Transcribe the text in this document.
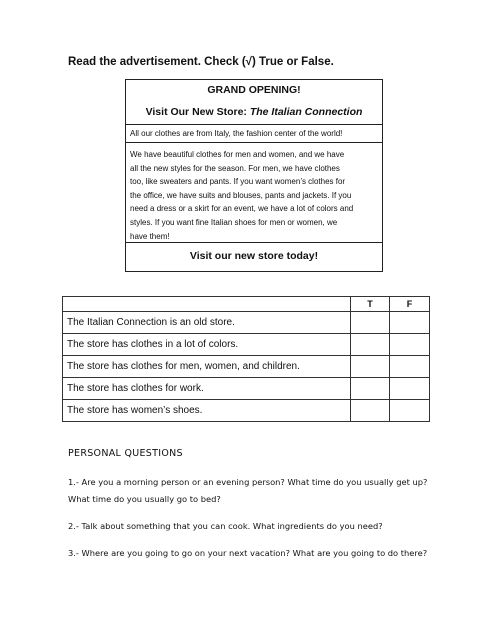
Read the advertisement. Check (√) True or False.
GRAND OPENING!
Visit Our New Store: The Italian Connection
All our clothes are from Italy, the fashion center of the world!
We have beautiful clothes for men and women, and we have
all the new styles for the season. For men, we have clothes
too, like sweaters and pants. If you want women’s clothes for
the office, we have suits and blouses, pants and jackets. If you
need a dress or a skirt for an event, we have a lot of colors and
styles. If you want fine Italian shoes for men or women, we
have them!
Visit our new store today!
	T	F
The Italian Connection is an old store.		
The store has clothes in a lot of colors.		
The store has clothes for men, women, and children.		
The store has clothes for work.		
The store has women’s shoes.		
PERSONAL QUESTIONS
1.- Are you a morning person or an evening person? What time do you usually get up?
What time do you usually go to bed?
2.- Talk about something that you can cook. What ingredients do you need?
3.- Where are you going to go on your next vacation? What are you going to do there?
